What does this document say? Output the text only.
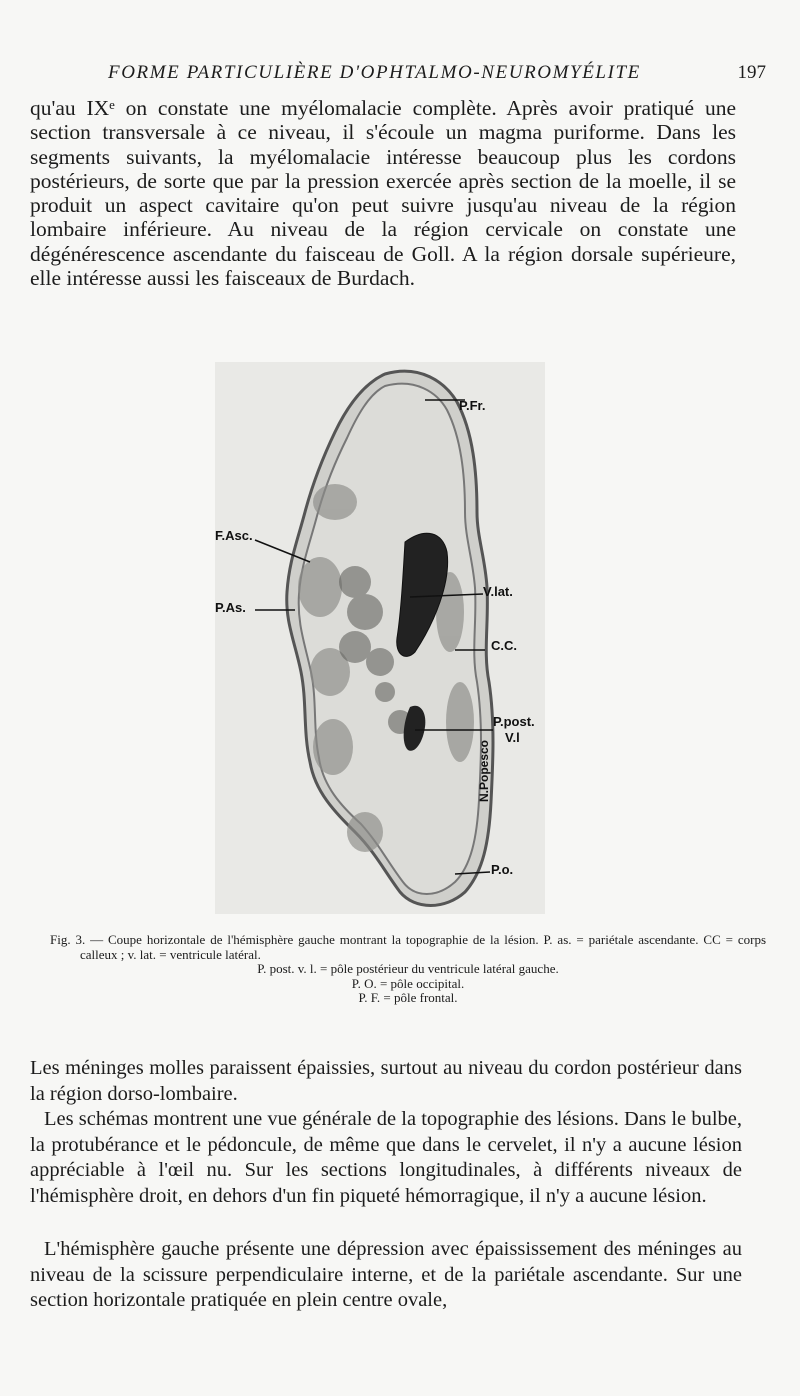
FORME PARTICULIÈRE D'OPHTALMO-NEUROMYÉLITE	197

qu'au IXᵉ on constate une myélomalacie complète. Après avoir pratiqué une section transversale à ce niveau, il s'écoule un magma puriforme. Dans les segments suivants, la myélomalacie intéresse beaucoup plus les cordons postérieurs, de sorte que par la pression exercée après section de la moelle, il se produit un aspect cavitaire qu'on peut suivre jusqu'au niveau de la région lombaire inférieure. Au niveau de la région cervicale on constate une dégénérescence ascendante du faisceau de Goll. A la région dorsale supérieure, elle intéresse aussi les faisceaux de Burdach.

P.Fr.
F.Asc.
P.As.
V.lat.
C.C.
P.post.
V.l
P.o.
N.Popesco

Fig. 3. — Coupe horizontale de l'hémisphère gauche montrant la topographie de la lésion. P. as. = pariétale ascendante. CC = corps calleux ; v. lat. = ventricule latéral.

P. post. v. l. = pôle postérieur du ventricule latéral gauche.

P. O. = pôle occipital.

P. F. = pôle frontal.

Les méninges molles paraissent épaissies, surtout au niveau du cordon postérieur dans la région dorso-lombaire.

Les schémas montrent une vue générale de la topographie des lésions. Dans le bulbe, la protubérance et le pédoncule, de même que dans le cervelet, il n'y a aucune lésion appréciable à l'œil nu. Sur les sections longitudinales, à différents niveaux de l'hémisphère droit, en dehors d'un fin piqueté hémorragique, il n'y a aucune lésion.

L'hémisphère gauche présente une dépression avec épaississement des méninges au niveau de la scissure perpendiculaire interne, et de la pariétale ascendante. Sur une section horizontale pratiquée en plein centre ovale,
